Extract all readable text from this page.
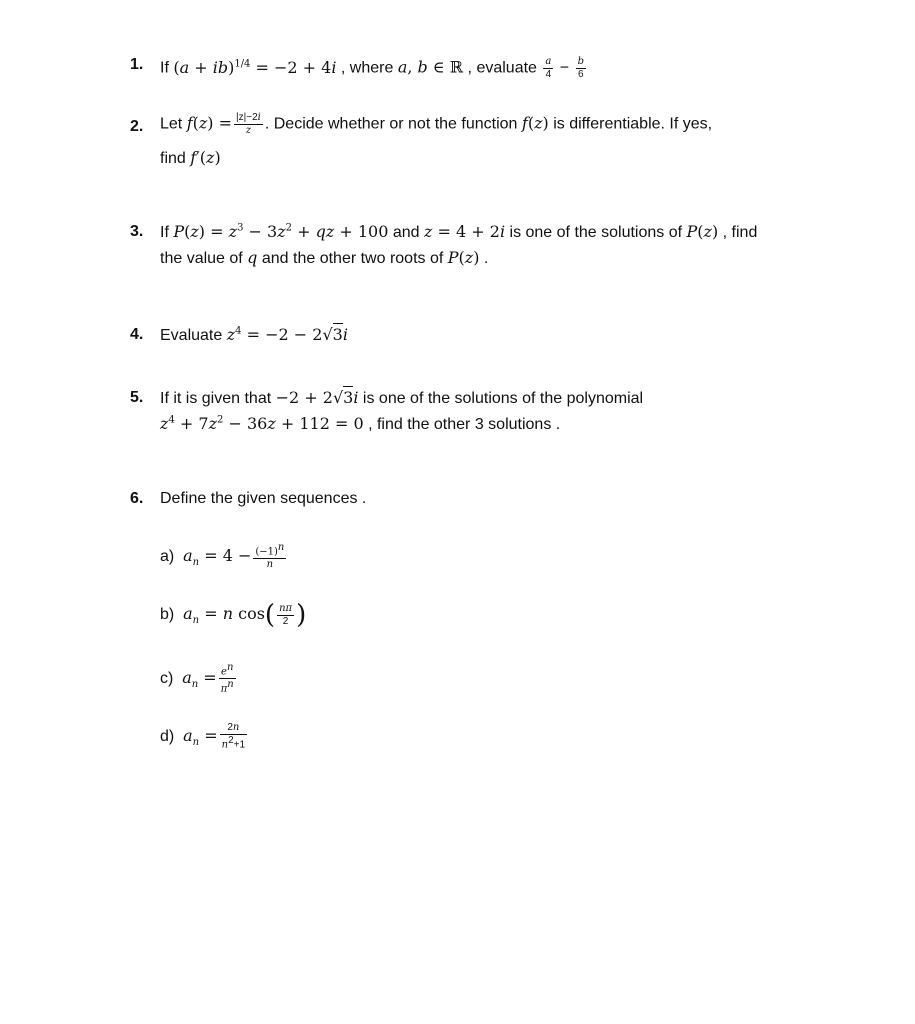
1. If (a + ib)$^{1/4}$ = −2 + 4i , where a, b ∈ ℝ , evaluate $\frac{a}{4} - \frac{b}{6}$
2. Let $f(z) = \frac{|z|-2i}{z}$ . Decide whether or not the function f(z) is differentiable. If yes,
find f′(z)
3. If $P(z) = z^3 - 3z^2$ + qz + 100 and z = 4 + 2i is one of the solutions of P(z) , find
the value of q and the other two roots of P(z) .
4. Evaluate $z^4 = -2 - 2√3i$
5. If it is given that −2 + 2√3i is one of the solutions of the polynomial
$z^4 + 7z^2 - 36z + 112 = 0$ , find the other 3 solutions .
6. Define the given sequences .
a) $a_n = 4 - \frac{(-1)^n}{n}$
b) $a_n = n$ $\cos( \frac{n\pi}{2}$ )
c) $a_n = \frac{e^n}{\pi^n}$
d) $a_n = \frac{2n}{n^2+1}$
